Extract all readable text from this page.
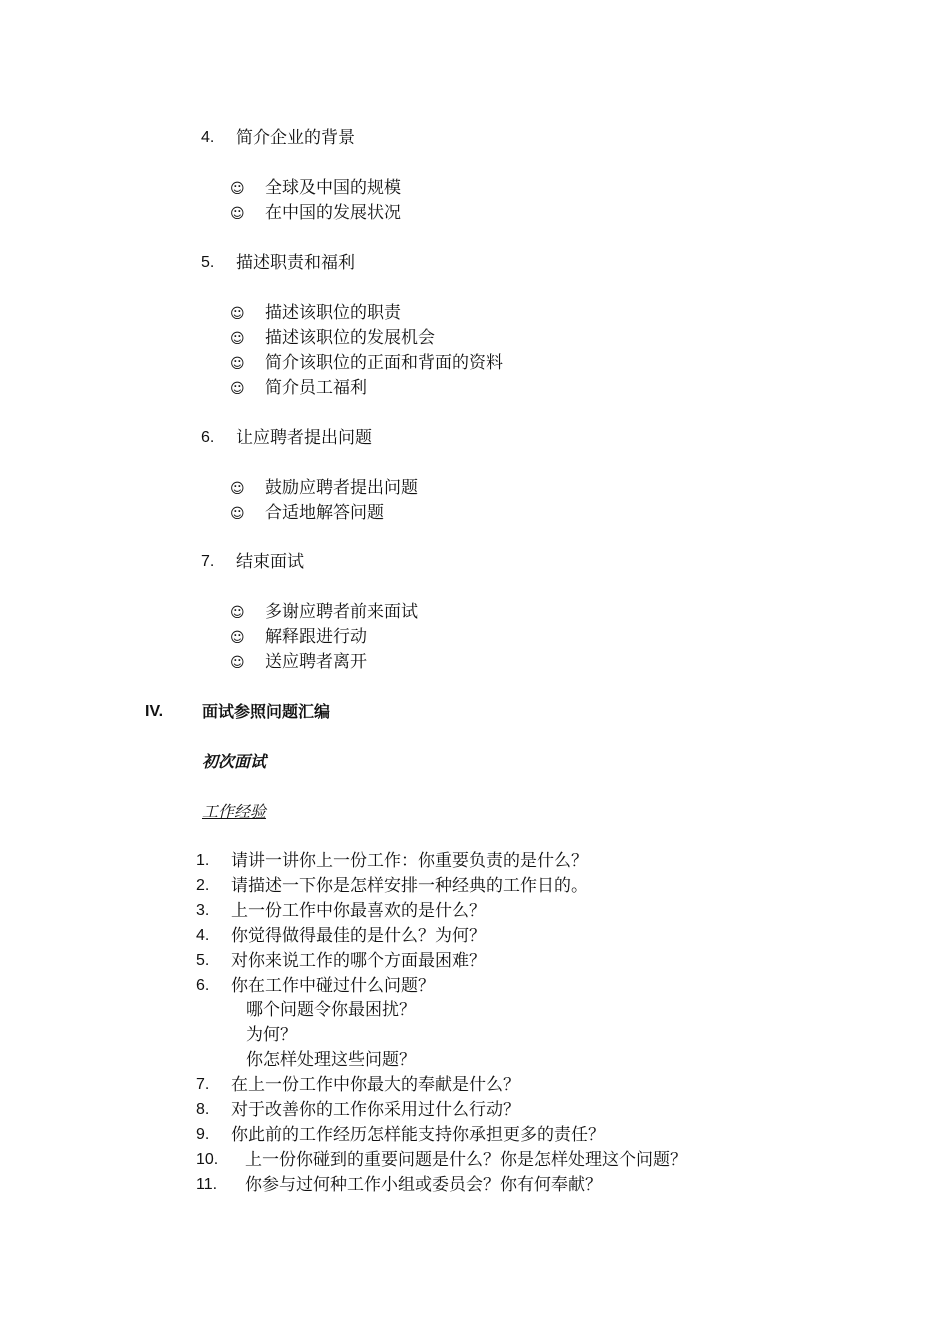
4. 简介企业的背景
☺ 全球及中国的规模
☺ 在中国的发展状况
5. 描述职责和福利
☺ 描述该职位的职责
☺ 描述该职位的发展机会
☺ 简介该职位的正面和背面的资料
☺ 简介员工福利
6. 让应聘者提出问题
☺ 鼓励应聘者提出问题
☺ 合适地解答问题
7. 结束面试
☺ 多谢应聘者前来面试
☺ 解释跟进行动
☺ 送应聘者离开
IV. 面试参照问题汇编
初次面试
工作经验
1. 请讲一讲你上一份工作：你重要负责的是什么？
2. 请描述一下你是怎样安排一种经典的工作日的。
3. 上一份工作中你最喜欢的是什么？
4. 你觉得做得最佳的是什么？为何？
5. 对你来说工作的哪个方面最困难？
6. 你在工作中碰过什么问题？
哪个问题令你最困扰？
为何？
你怎样处理这些问题？
7. 在上一份工作中你最大的奉献是什么？
8. 对于改善你的工作你采用过什么行动？
9. 你此前的工作经历怎样能支持你承担更多的责任？
10. 上一份你碰到的重要问题是什么？你是怎样处理这个问题？
11. 你参与过何种工作小组或委员会？你有何奉献？
